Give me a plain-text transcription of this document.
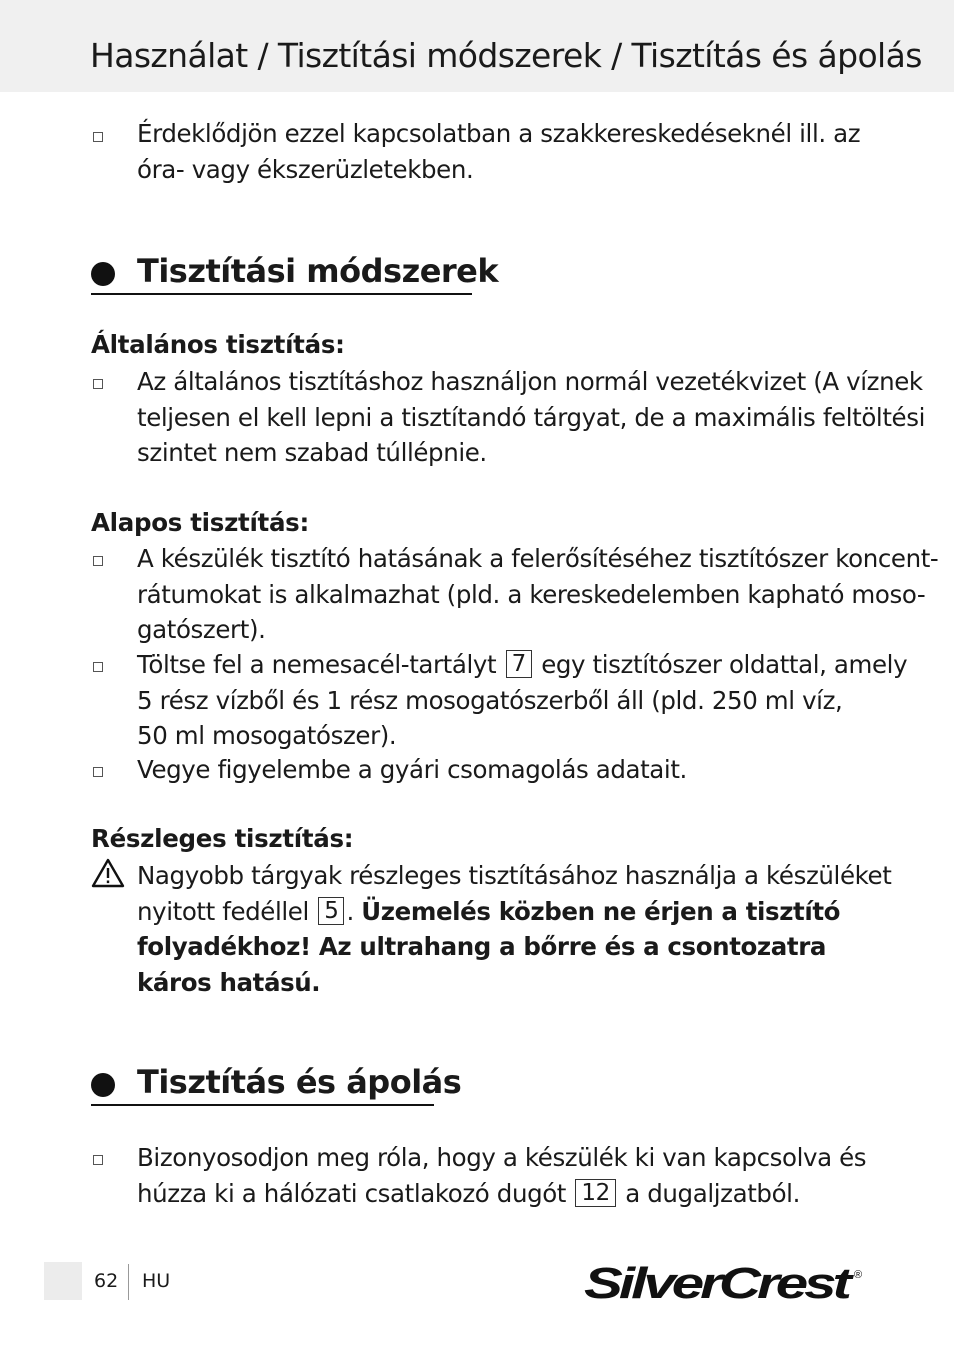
Használat / Tisztítási módszerek / Tisztítás és ápolás
Érdeklődjön ezzel kapcsolatban a szakkereskedéseknél ill. az
óra- vagy ékszerüzletekben.
Tisztítási módszerek
Általános tisztítás:
Az általános tisztításhoz használjon normál vezetékvizet (A víznek
teljesen el kell lepni a tisztítandó tárgyat, de a maximális feltöltési
szintet nem szabad túllépnie.
Alapos tisztítás:
A készülék tisztító hatásának a felerősítéséhez tisztítószer koncent-
rátumokat is alkalmazhat (pld. a kereskedelemben kapható moso-
gatószert).
Töltse fel a nemesacél-tartályt 7 egy tisztítószer oldattal, amely
5 rész vízből és 1 rész mosogatószerből áll (pld. 250 ml víz,
50 ml mosogatószer).
Vegye figyelembe a gyári csomagolás adatait.
Részleges tisztítás:
Nagyobb tárgyak részleges tisztításához használja a készüléket
nyitott fedéllel 5 . Üzemelés közben ne érjen a tisztító
folyadékhoz! Az ultrahang a bőrre és a csontozatra
káros hatású.
Tisztítás és ápolás
Bizonyosodjon meg róla, hogy a készülék ki van kapcsolva és
húzza ki a hálózati csatlakozó dugót 12 a dugaljzatból.
62 HU	SilverCrest
®
